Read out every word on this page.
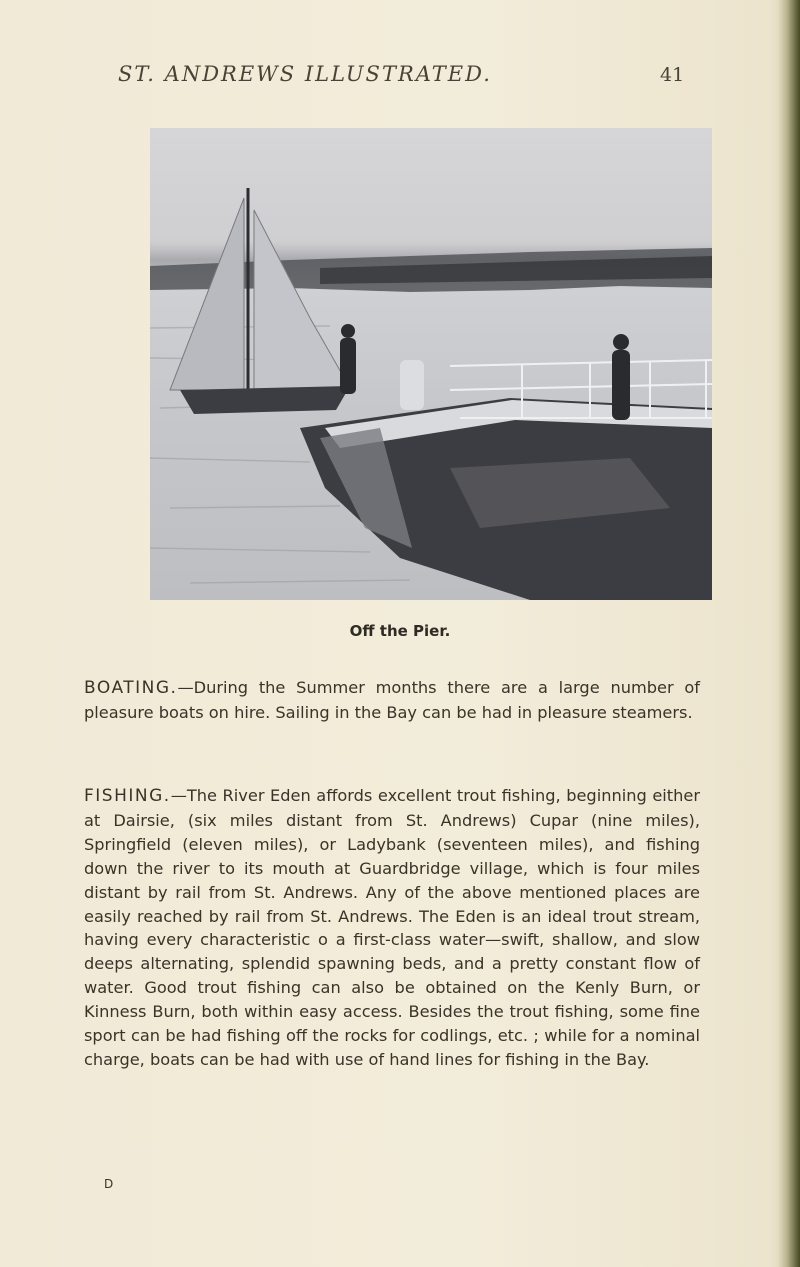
ST. ANDREWS ILLUSTRATED.	41
Off the Pier.
BOATING.—During the Summer months there are a large number of pleasure boats on hire. Sailing in the Bay can be had in pleasure steamers.
FISHING.—The River Eden affords excellent trout fishing, beginning either at Dairsie, (six miles distant from St. Andrews) Cupar (nine miles), Springfield (eleven miles), or Ladybank (seventeen miles), and fishing down the river to its mouth at Guardbridge village, which is four miles distant by rail from St. Andrews. Any of the above mentioned places are easily reached by rail from St. Andrews. The Eden is an ideal trout stream, having every characteristic o a first-class water—swift, shallow, and slow deeps alternating, splendid spawning beds, and a pretty constant flow of water. Good trout fishing can also be obtained on the Kenly Burn, or Kinness Burn, both within easy access. Besides the trout fishing, some fine sport can be had fishing off the rocks for codlings, etc. ; while for a nominal charge, boats can be had with use of hand lines for fishing in the Bay.
D
